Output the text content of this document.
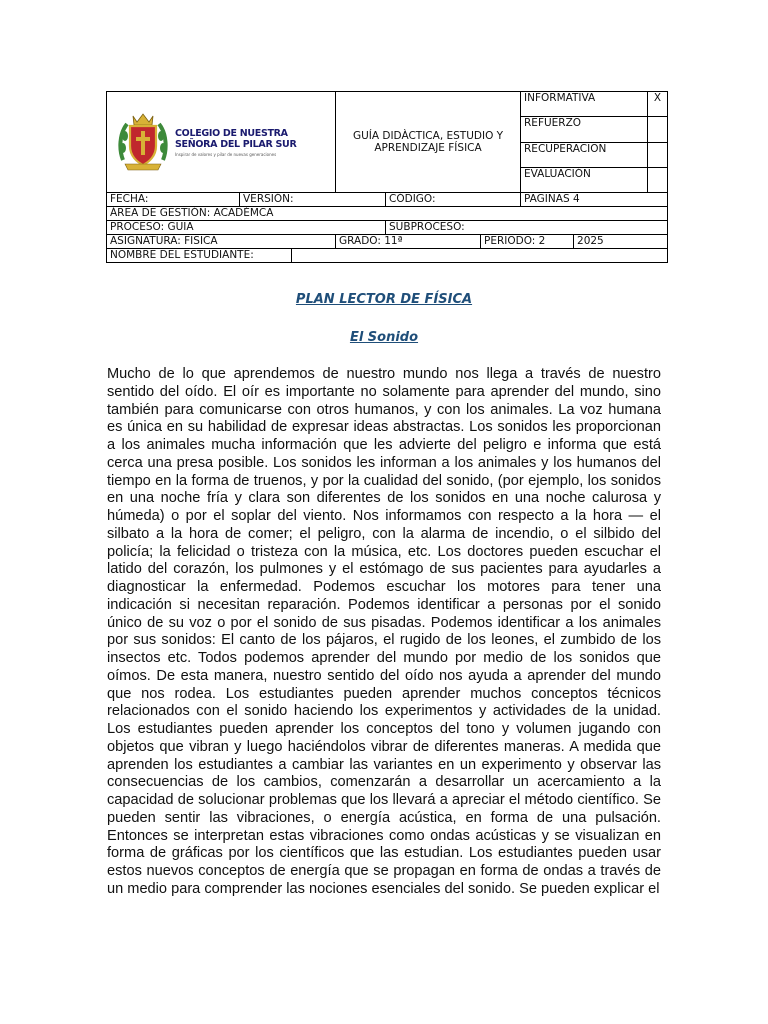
COLEGIO DE NUESTRA
SEÑORA DEL PILAR SUR
Inspirar de valores y pilar de nuevas generaciones			GUÍA DIDÀCTICA, ESTUDIO Y APRENDIZAJE FÍSICA			INFORMATIVA		X
						REFUERZO		
						RECUPERACION		
						EVALUACIÓN		
FECHA:	VERSIÓN:			CÓDIGO:		PAGINAS 4		
ÁREA DE GESTIÓN: ACADÉMCA								
PROCESO: GUIA				SUBPROCESO:				
ASIGNATURA: FISICA			GRADO: 11ª		PERIODO: 2		2025	
NOMBRE DEL ESTUDIANTE:								
PLAN LECTOR DE FÍSICA
El Sonido

Mucho de lo que aprendemos de nuestro mundo nos llega a través de nuestro sentido del oído. El oír es importante no solamente para aprender del mundo, sino también para comunicarse con otros humanos, y con los animales. La voz humana es única en su habilidad de expresar ideas abstractas. Los sonidos les proporcionan a los animales mucha información que les advierte del peligro e informa que está cerca una presa posible. Los sonidos les informan a los animales y los humanos del tiempo en la forma de truenos, y por la cualidad del sonido, (por ejemplo, los sonidos en una noche fría y clara son diferentes de los sonidos en una noche calurosa y húmeda) o por el soplar del viento. Nos informamos con respecto a la hora — el silbato a la hora de comer; el peligro, con la alarma de incendio, o el silbido del policía; la felicidad o tristeza con la música, etc. Los doctores pueden escuchar el latido del corazón, los pulmones y el estómago de sus pacientes para ayudarles a diagnosticar la enfermedad. Podemos escuchar los motores para tener una indicación si necesitan reparación. Podemos identificar a personas por el sonido único de su voz o por el sonido de sus pisadas. Podemos identificar a los animales por sus sonidos: El canto de los pájaros, el rugido de los leones, el zumbido de los insectos etc. Todos podemos aprender del mundo por medio de los sonidos que oímos. De esta manera, nuestro sentido del oído nos ayuda a aprender del mundo que nos rodea. Los estudiantes pueden aprender muchos conceptos técnicos relacionados con el sonido haciendo los experimentos y actividades de la unidad. Los estudiantes pueden aprender los conceptos del tono y volumen jugando con objetos que vibran y luego haciéndolos vibrar de diferentes maneras. A medida que aprenden los estudiantes a cambiar las variantes en un experimento y observar las consecuencias de los cambios, comenzarán a desarrollar un acercamiento a la capacidad de solucionar problemas que los llevará a apreciar el método científico. Se pueden sentir las vibraciones, o energía acústica, en forma de una pulsación. Entonces se interpretan estas vibraciones como ondas acústicas y se visualizan en forma de gráficas por los científicos que las estudian. Los estudiantes pueden usar estos nuevos conceptos de energía que se propagan en forma de ondas a través de un medio para comprender las nociones esenciales del sonido. Se pueden explicar el
